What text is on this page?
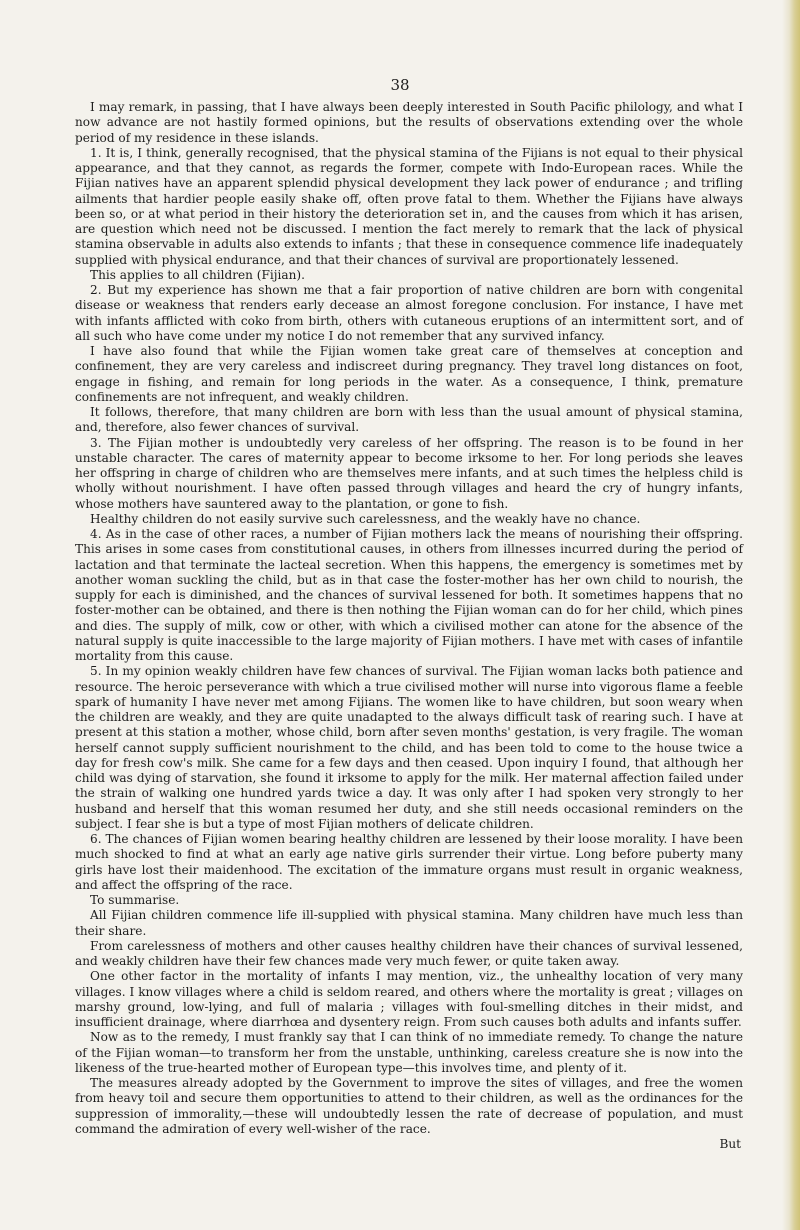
38

I may remark, in passing, that I have always been deeply interested in South Pacific philology, and what I now advance are not hastily formed opinions, but the results of observations extending over the whole period of my residence in these islands.

1. It is, I think, generally recognised, that the physical stamina of the Fijians is not equal to their physical appearance, and that they cannot, as regards the former, compete with Indo-European races. While the Fijian natives have an apparent splendid physical development they lack power of endurance ; and trifling ailments that hardier people easily shake off, often prove fatal to them. Whether the Fijians have always been so, or at what period in their history the deterioration set in, and the causes from which it has arisen, are question which need not be discussed. I mention the fact merely to remark that the lack of physical stamina observable in adults also extends to infants ; that these in consequence commence life inadequately supplied with physical endurance, and that their chances of survival are proportionately lessened.

This applies to all children (Fijian).

2. But my experience has shown me that a fair proportion of native children are born with congenital disease or weakness that renders early decease an almost foregone conclusion. For instance, I have met with infants afflicted with coko from birth, others with cutaneous eruptions of an intermittent sort, and of all such who have come under my notice I do not remember that any survived infancy.

I have also found that while the Fijian women take great care of themselves at conception and confinement, they are very careless and indiscreet during pregnancy. They travel long distances on foot, engage in fishing, and remain for long periods in the water. As a consequence, I think, premature confinements are not infrequent, and weakly children.

It follows, therefore, that many children are born with less than the usual amount of physical stamina, and, therefore, also fewer chances of survival.

3. The Fijian mother is undoubtedly very careless of her offspring. The reason is to be found in her unstable character. The cares of maternity appear to become irksome to her. For long periods she leaves her offspring in charge of children who are themselves mere infants, and at such times the helpless child is wholly without nourishment. I have often passed through villages and heard the cry of hungry infants, whose mothers have sauntered away to the plantation, or gone to fish.

Healthy children do not easily survive such carelessness, and the weakly have no chance.

4. As in the case of other races, a number of Fijian mothers lack the means of nourishing their offspring. This arises in some cases from constitutional causes, in others from illnesses incurred during the period of lactation and that terminate the lacteal secretion. When this happens, the emergency is sometimes met by another woman suckling the child, but as in that case the foster-mother has her own child to nourish, the supply for each is diminished, and the chances of survival lessened for both. It sometimes happens that no foster-mother can be obtained, and there is then nothing the Fijian woman can do for her child, which pines and dies. The supply of milk, cow or other, with which a civilised mother can atone for the absence of the natural supply is quite inaccessible to the large majority of Fijian mothers. I have met with cases of infantile mortality from this cause.

5. In my opinion weakly children have few chances of survival. The Fijian woman lacks both patience and resource. The heroic perseverance with which a true civilised mother will nurse into vigorous flame a feeble spark of humanity I have never met among Fijians. The women like to have children, but soon weary when the children are weakly, and they are quite unadapted to the always difficult task of rearing such. I have at present at this station a mother, whose child, born after seven months' gestation, is very fragile. The woman herself cannot supply sufficient nourishment to the child, and has been told to come to the house twice a day for fresh cow's milk. She came for a few days and then ceased. Upon inquiry I found, that although her child was dying of starvation, she found it irksome to apply for the milk. Her maternal affection failed under the strain of walking one hundred yards twice a day. It was only after I had spoken very strongly to her husband and herself that this woman resumed her duty, and she still needs occasional reminders on the subject. I fear she is but a type of most Fijian mothers of delicate children.

6. The chances of Fijian women bearing healthy children are lessened by their loose morality. I have been much shocked to find at what an early age native girls surrender their virtue. Long before puberty many girls have lost their maidenhood. The excitation of the immature organs must result in organic weakness, and affect the offspring of the race.

To summarise.

All Fijian children commence life ill-supplied with physical stamina. Many children have much less than their share.

From carelessness of mothers and other causes healthy children have their chances of survival lessened, and weakly children have their few chances made very much fewer, or quite taken away.

One other factor in the mortality of infants I may mention, viz., the unhealthy location of very many villages. I know villages where a child is seldom reared, and others where the mortality is great ; villages on marshy ground, low-lying, and full of malaria ; villages with foul-smelling ditches in their midst, and insufficient drainage, where diarrhœa and dysentery reign. From such causes both adults and infants suffer.

Now as to the remedy, I must frankly say that I can think of no immediate remedy. To change the nature of the Fijian woman—to transform her from the unstable, unthinking, careless creature she is now into the likeness of the true-hearted mother of European type—this involves time, and plenty of it.

The measures already adopted by the Government to improve the sites of villages, and free the women from heavy toil and secure them opportunities to attend to their children, as well as the ordinances for the suppression of immorality,—these will undoubtedly lessen the rate of decrease of population, and must command the admiration of every well-wisher of the race.

But
